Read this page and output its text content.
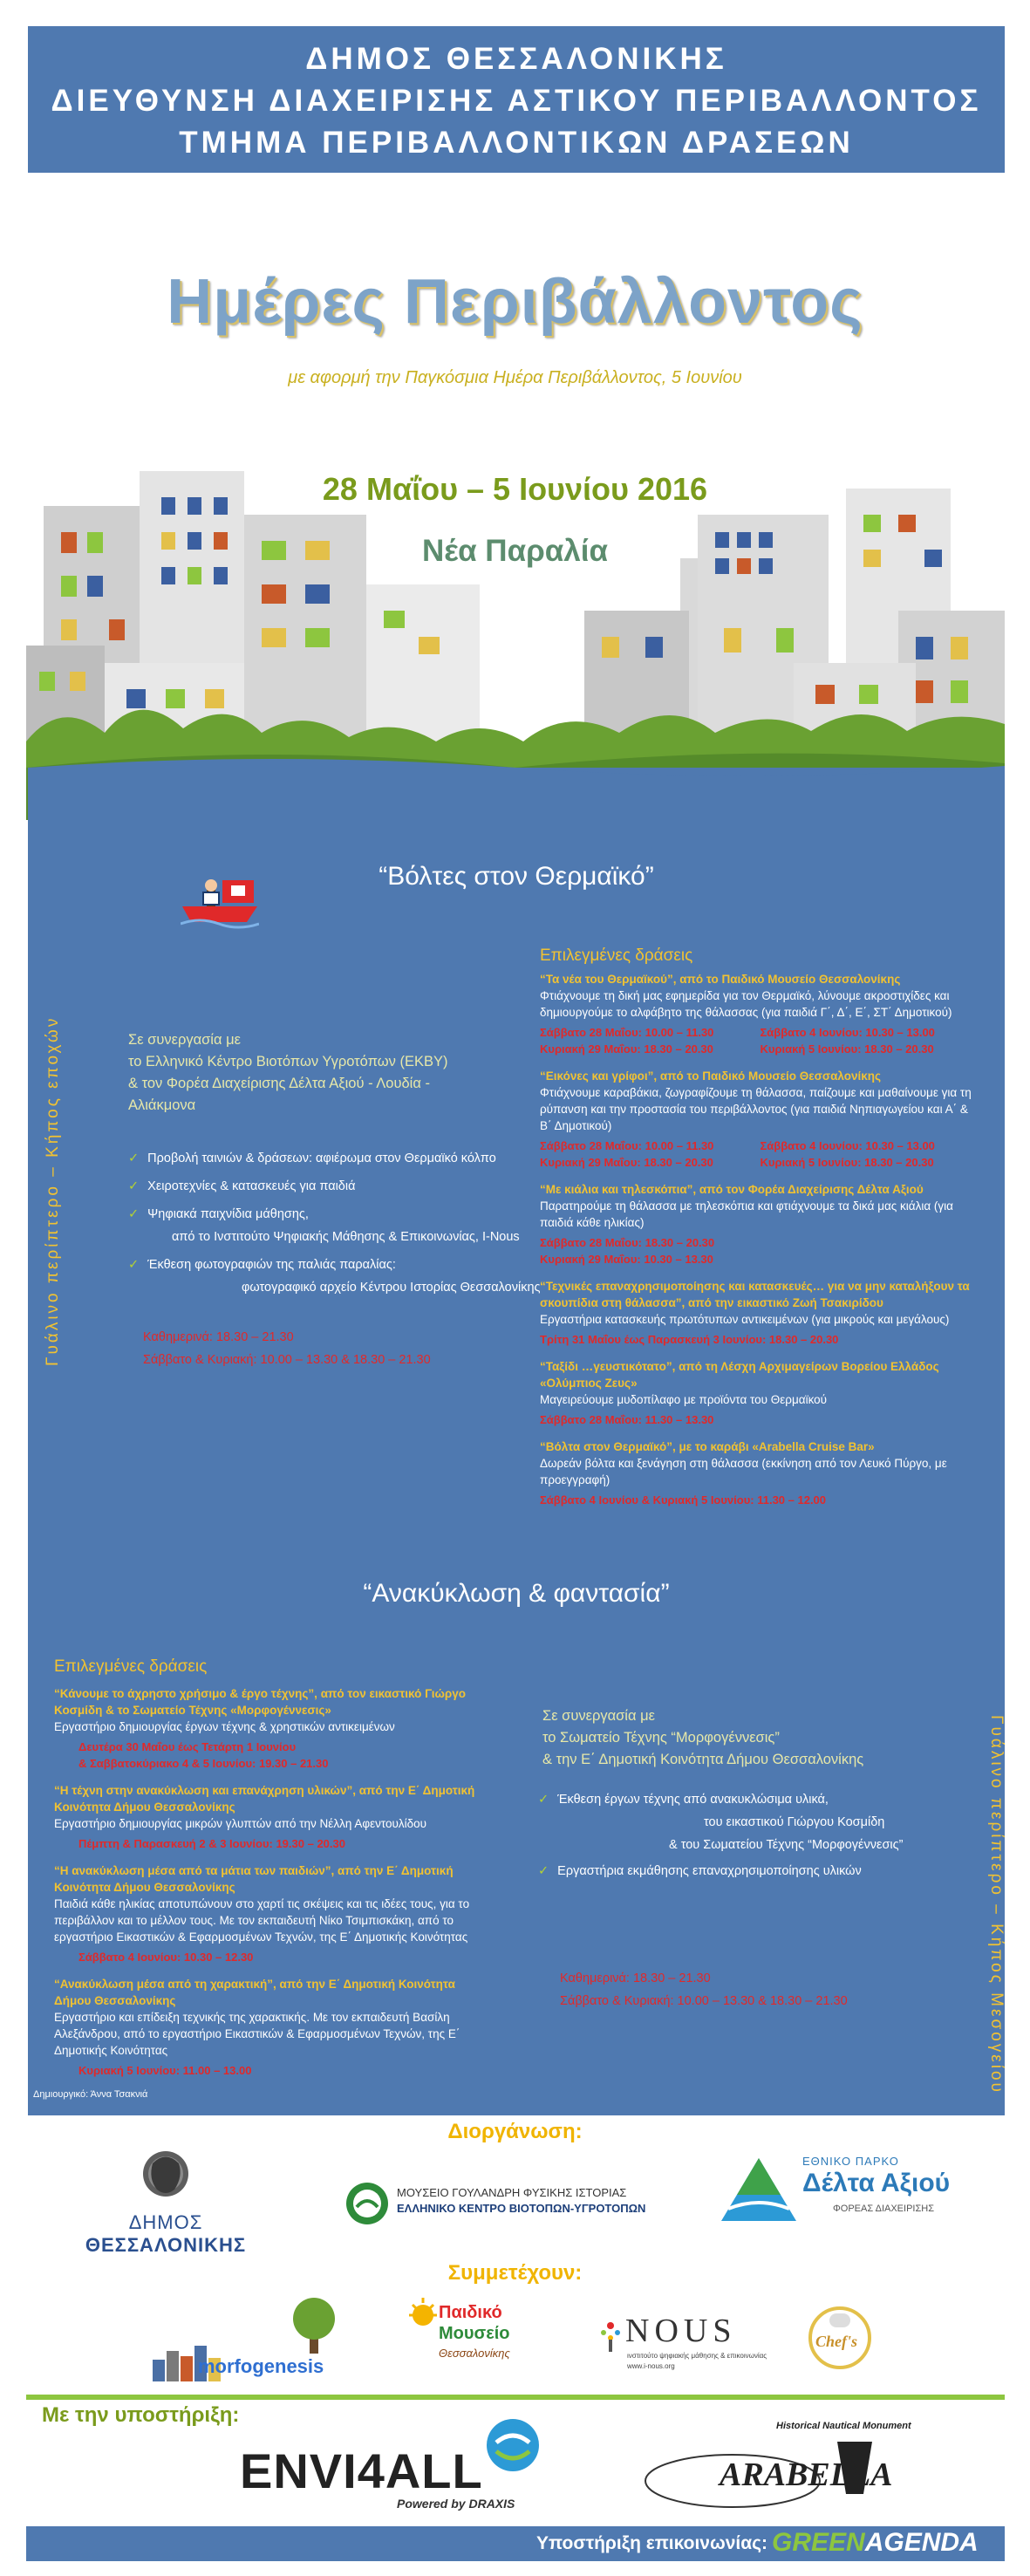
ΔΗΜΟΣ ΘΕΣΣΑΛΟΝΙΚΗΣ
ΔΙΕΥΘΥΝΣΗ ΔΙΑΧΕΙΡΙΣΗΣ ΑΣΤΙΚΟΥ ΠΕΡΙΒΑΛΛΟΝΤΟΣ
ΤΜΗΜΑ ΠΕΡΙΒΑΛΛΟΝΤΙΚΩΝ ΔΡΑΣΕΩΝ
Ημέρες Περιβάλλοντος
με αφορμή την Παγκόσμια Ημέρα Περιβάλλοντος, 5 Ιουνίου
28 Μαΐου – 5 Ιουνίου 2016
Νέα Παραλία
“Βόλτες στον Θερμαϊκό”
Γυάλινο περίπτερο – Κήπος εποχών	Σε συνεργασία με
το Ελληνικό Κέντρο Βιοτόπων Υγροτόπων (ΕΚΒΥ)
& τον Φορέα Διαχείρισης Δέλτα Αξιού - Λουδία -
Αλιάκμονα
✓ Προβολή ταινιών & δράσεων: αφιέρωμα στον Θερμαϊκό κόλπο
✓ Χειροτεχνίες & κατασκευές για παιδιά
✓ Ψηφιακά παιχνίδια μάθησης,
από το Ινστιτούτο Ψηφιακής Μάθησης & Επικοινωνίας, I-Nous
✓ Έκθεση φωτογραφιών της παλιάς παραλίας:
φωτογραφικό αρχείο Κέντρου Ιστορίας Θεσσαλονίκης
Καθημερινά: 18.30 – 21.30
Σάββατο & Κυριακή: 10.00 – 13.30 & 18.30 – 21.30
Επιλεγμένες δράσεις
“Τα νέα του Θερμαϊκού”, από το Παιδικό Μουσείο Θεσσαλονίκης
Φτιάχνουμε τη δική μας εφημερίδα για τον Θερμαϊκό, λύνουμε ακροστιχίδες και δημιουργούμε το αλφάβητο της θάλασσας (για παιδιά Γ΄, Δ΄, Ε΄, ΣΤ΄ Δημοτικού)
Σάββατο 28 Μαΐου: 10.00 – 11.30	Σάββατο 4 Ιουνίου: 10.30 – 13.00
Κυριακή 29 Μαΐου: 18.30 – 20.30	Κυριακή 5 Ιουνίου: 18.30 – 20.30
“Εικόνες και γρίφοι”, από το Παιδικό Μουσείο Θεσσαλονίκης
Φτιάχνουμε καραβάκια, ζωγραφίζουμε τη θάλασσα, παίζουμε και μαθαίνουμε για τη ρύπανση και την προστασία του περιβάλλοντος (για παιδιά Νηπιαγωγείου και Α΄ & Β΄ Δημοτικού)
Σάββατο 28 Μαΐου: 10.00 – 11.30	Σάββατο 4 Ιουνίου: 10.30 – 13.00
Κυριακή 29 Μαΐου: 18.30 – 20.30	Κυριακή 5 Ιουνίου: 18.30 – 20.30
“Με κιάλια και τηλεσκόπια”, από τον Φορέα Διαχείρισης Δέλτα Αξιού
Παρατηρούμε τη θάλασσα με τηλεσκόπια και φτιάχνουμε τα δικά μας κιάλια (για παιδιά κάθε ηλικίας)
Σάββατο 28 Μαΐου: 18.30 – 20.30
Κυριακή 29 Μαΐου: 10.30 – 13.30
“Τεχνικές επαναχρησιμοποίησης και κατασκευές… για να μην καταλήξουν τα σκουπίδια στη θάλασσα”, από την εικαστικό Ζωή Τσακιρίδου
Εργαστήρια κατασκευής πρωτότυπων αντικειμένων (για μικρούς και μεγάλους)
Τρίτη 31 Μαΐου έως Παρασκευή 3 Ιουνίου: 18.30 – 20.30
“Ταξίδι …γευστικότατο”, από τη Λέσχη Αρχιμαγείρων Βορείου Ελλάδος «Ολύμπιος Ζευς»
Μαγειρεύουμε μυδοπίλαφο με προϊόντα του Θερμαϊκού
Σάββατο 28 Μαΐου: 11.30 – 13.30
“Βόλτα στον Θερμαϊκό”, με το καράβι «Arabella Cruise Bar»
Δωρεάν βόλτα και ξενάγηση στη θάλασσα (εκκίνηση από τον Λευκό Πύργο, με προεγγραφή)
Σάββατο 4 Ιουνίου & Κυριακή 5 Ιουνίου: 11.30 – 12.00
“Ανακύκλωση & φαντασία”
Επιλεγμένες δράσεις
“Κάνουμε το άχρηστο χρήσιμο & έργο τέχνης”, από τον εικαστικό Γιώργο Κοσμίδη & το Σωματείο Τέχνης «Μορφογέννεσις»
Εργαστήριο δημιουργίας έργων τέχνης & χρηστικών αντικειμένων
Δευτέρα 30 Μαΐου έως Τετάρτη 1 Ιουνίου
& Σαββατοκύριακο 4 & 5 Ιουνίου: 19.30 – 21.30
“Η τέχνη στην ανακύκλωση και επανάχρηση υλικών”, από την Ε΄ Δημοτική Κοινότητα Δήμου Θεσσαλονίκης
Εργαστήριο δημιουργίας μικρών γλυπτών από την Νέλλη Αφεντουλίδου
Πέμπτη & Παρασκευή 2 & 3 Ιουνίου: 19.30 – 20.30
“Η ανακύκλωση μέσα από τα μάτια των παιδιών”, από την Ε΄ Δημοτική Κοινότητα Δήμου Θεσσαλονίκης
Παιδιά κάθε ηλικίας αποτυπώνουν στο χαρτί τις σκέψεις και τις ιδέες τους, για το περιβάλλον και το μέλλον τους. Με τον εκπαιδευτή Νίκο Τσιμπισκάκη, από το εργαστήριο Εικαστικών & Εφαρμοσμένων Τεχνών, της Ε΄ Δημοτικής Κοινότητας
Σάββατο 4 Ιουνίου: 10.30 – 12.30
“Ανακύκλωση μέσα από τη χαρακτική”, από την Ε΄ Δημοτική Κοινότητα Δήμου Θεσσαλονίκης
Εργαστήριο και επίδειξη τεχνικής της χαρακτικής. Με τον εκπαιδευτή Βασίλη Αλεξάνδρου, από το εργαστήριο Εικαστικών & Εφαρμοσμένων Τεχνών, της Ε΄ Δημοτικής Κοινότητας
Κυριακή 5 Ιουνίου: 11.00 – 13.00	Γυάλινο περίπτερο – Κήπος Μεσογείου
Σε συνεργασία με
το Σωματείο Τέχνης “Μορφογέννεσις”
& την Ε΄ Δημοτική Κοινότητα Δήμου Θεσσαλονίκης
✓ Έκθεση έργων τέχνης από ανακυκλώσιμα υλικά,
του εικαστικού Γιώργου Κοσμίδη
& του Σωματείου Τέχνης “Μορφογέννεσις”
✓ Εργαστήρια εκμάθησης επαναχρησιμοποίησης υλικών
Καθημερινά: 18.30 – 21.30
Σάββατο & Κυριακή: 10.00 – 13.30 & 18.30 – 21.30
Δημιουργικό: Άννα Τσακνιά
Διοργάνωση:
ΔΗΜΟΣ ΘΕΣΣΑΛΟΝΙΚΗΣ
ΜΟΥΣΕΙΟ ΓΟΥΛΑΝΔΡΗ ΦΥΣΙΚΗΣ ΙΣΤΟΡΙΑΣ
ΕΛΛΗΝΙΚΟ ΚΕΝΤΡΟ ΒΙΟΤΟΠΩΝ-ΥΓΡΟΤΟΠΩΝ
ΕΘΝΙΚΟ ΠΑΡΚΟ
Δέλτα Αξιού
ΦΟΡΕΑΣ ΔΙΑΧΕΙΡΙΣΗΣ
Συμμετέχουν:
morfogenesis
Παιδικό
Μουσείο
Θεσσαλονίκης
NOUS
ινστιτούτο ψηφιακής μάθησης & επικοινωνίας
www.i-nous.org
Chef's
Με την υποστήριξη:
ENVI4ALL
Powered by DRAXIS
Historical Nautical Monument
ARABELLA
Υποστήριξη επικοινωνίας: GREENAGENDA
